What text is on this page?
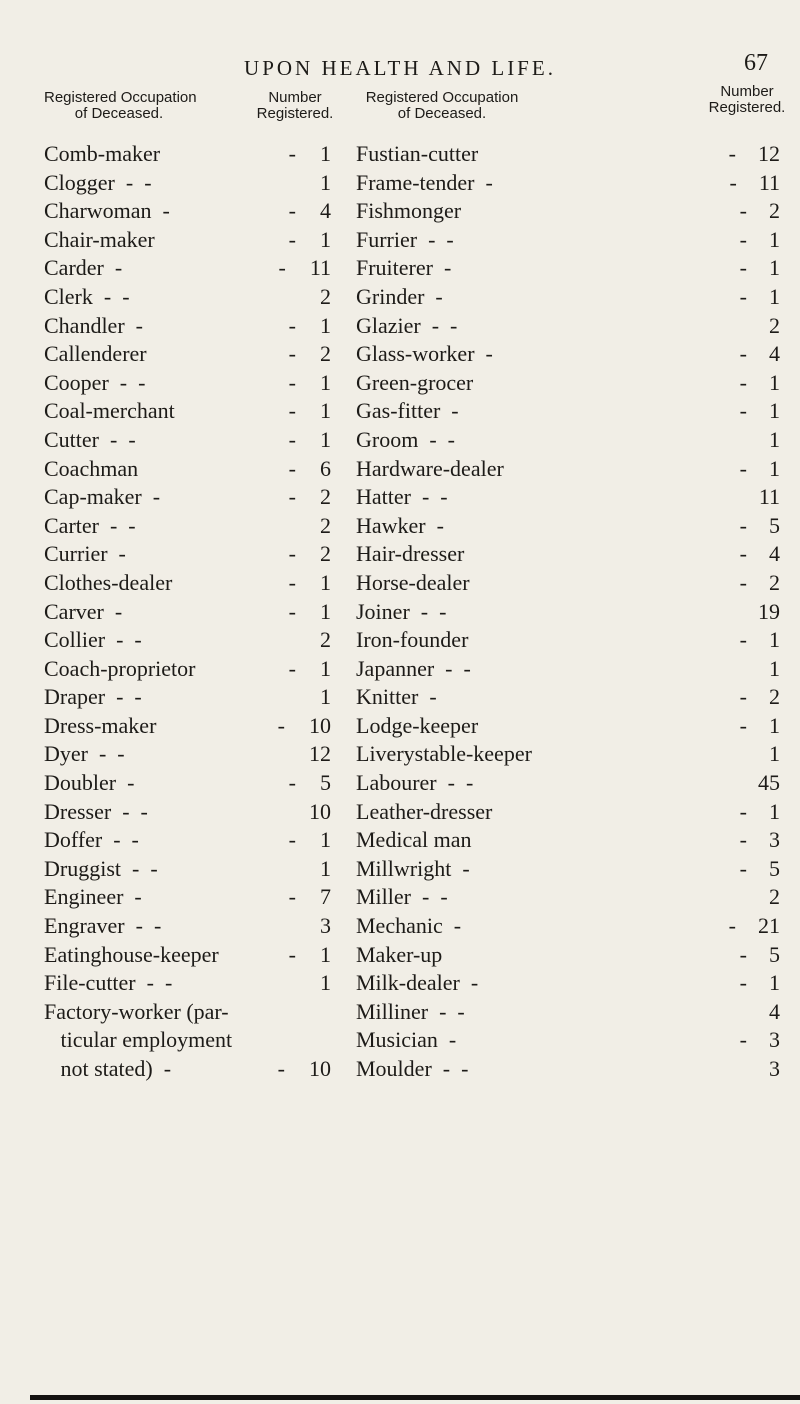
UPON HEALTH AND LIFE.	67
Registered Occupation
of Deceased.
Number
Registered.
Registered Occupation
of Deceased.
Number
Registered.
Comb-maker	- 1 Fustian-cutter	- 12
Clogger  -  -	1 Frame-tender  -	- 11
Charwoman  -	- 4 Fishmonger	- 2
Chair-maker	- 1 Furrier  -  -	- 1
Carder  -	- 11 Fruiterer  -	- 1
Clerk  -  -	2 Grinder  -	- 1
Chandler  -	- 1 Glazier  -  -	2
Callenderer	- 2 Glass-worker  -	- 4
Cooper  -  -	- 1 Green-grocer	- 1
Coal-merchant	- 1 Gas-fitter  -	- 1
Cutter  -  -	- 1 Groom  -  -	1
Coachman	- 6 Hardware-dealer	- 1
Cap-maker  -	- 2 Hatter  -  -	11
Carter  -  -	2 Hawker  -	- 5
Currier  -	- 2 Hair-dresser	- 4
Clothes-dealer	- 1 Horse-dealer	- 2
Carver  -	- 1 Joiner  -  -	19
Collier  -  -	2 Iron-founder	- 1
Coach-proprietor	- 1 Japanner  -  -	1
Draper  -  -	1 Knitter  -	- 2
Dress-maker	- 10 Lodge-keeper	- 1
Dyer  -  -	12 Liverystable-keeper	1
Doubler  -	- 5 Labourer  -  -	45
Dresser  -  -	10 Leather-dresser	- 1
Doffer  -  -	- 1 Medical man	- 3
Druggist  -  -	1 Millwright  -	- 5
Engineer  -	- 7 Miller  -  -	2
Engraver  -  -	3 Mechanic  -	- 21
Eatinghouse-keeper	- 1 Maker-up	- 5
File-cutter  -  -	1 Milk-dealer  -	- 1
Factory-worker (par-	Milliner  -  -	4
ticular employment	Musician  -	- 3
not stated)  -	- 10 Moulder  -  -	3
